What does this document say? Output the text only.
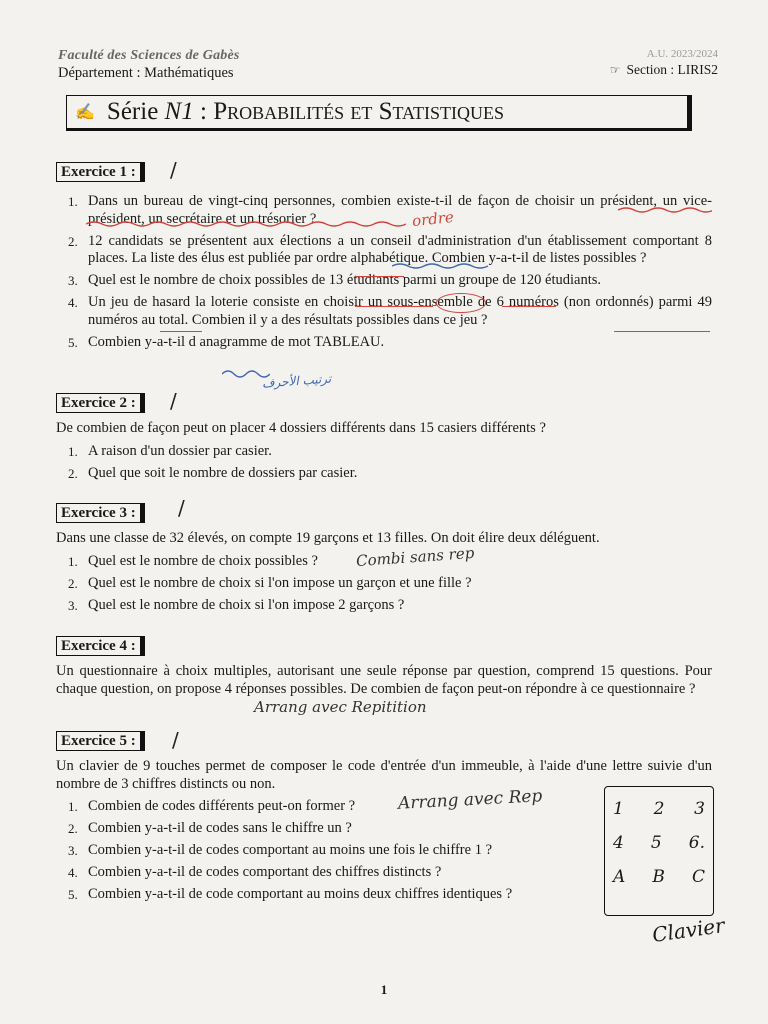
Faculté des Sciences de Gabès
Département : Mathématiques
A.U. 2023/2024
☞ Section : LIRIS2
✍ Série N1 : Probabilités et Statistiques
Exercice 1 :	/
1. Dans un bureau de vingt-cinq personnes, combien existe-t-il de façon de choisir un président, un vice-président, un secrétaire et un trésorier ?
2. 12 candidats se présentent aux élections a un conseil d'administration d'un établissement comportant 8 places. La liste des élus est publiée par ordre alphabétique. Combien y-a-t-il de listes possibles ?
3. Quel est le nombre de choix possibles de 13 étudiants parmi un groupe de 120 étudiants.
4. Un jeu de hasard la loterie consiste en choisir un sous-ensemble de 6 numéros (non ordonnés) parmi 49 numéros au total. Combien il y a des résultats possibles dans ce jeu ?
5. Combien y-a-t-il d anagramme de mot TABLEAU.
ordre
ترتيب الأحرف
Exercice 2 :	/
De combien de façon peut on placer 4 dossiers différents dans 15 casiers différents ?
1. A raison d'un dossier par casier.
2. Quel que soit le nombre de dossiers par casier.
Exercice 3 :	/
Dans une classe de 32 élevés, on compte 19 garçons et 13 filles. On doit élire deux déléguent.
1. Quel est le nombre de choix possibles ?
2. Quel est le nombre de choix si l'on impose un garçon et une fille ?
3. Quel est le nombre de choix si l'on impose 2 garçons ?
Combi sans rep
Exercice 4 :
Un questionnaire à choix multiples, autorisant une seule réponse par question, comprend 15 questions. Pour chaque question, on propose 4 réponses possibles. De combien de façon peut-on répondre à ce questionnaire ?
Arrang avec Repitition
Exercice 5 :	/
Un clavier de 9 touches permet de composer le code d'entrée d'un immeuble, à l'aide d'une lettre suivie d'un nombre de 3 chiffres distincts ou non.
1. Combien de codes différents peut-on former ?
2. Combien y-a-t-il de codes sans le chiffre un ?
3. Combien y-a-t-il de codes comportant au moins une fois le chiffre 1 ?
4. Combien y-a-t-il de codes comportant des chiffres distincts ?
5. Combien y-a-t-il de code comportant au moins deux chiffres identiques ?
Arrang avec Rep	1 2 3
4 5 6.
A B C
Clavier
1
